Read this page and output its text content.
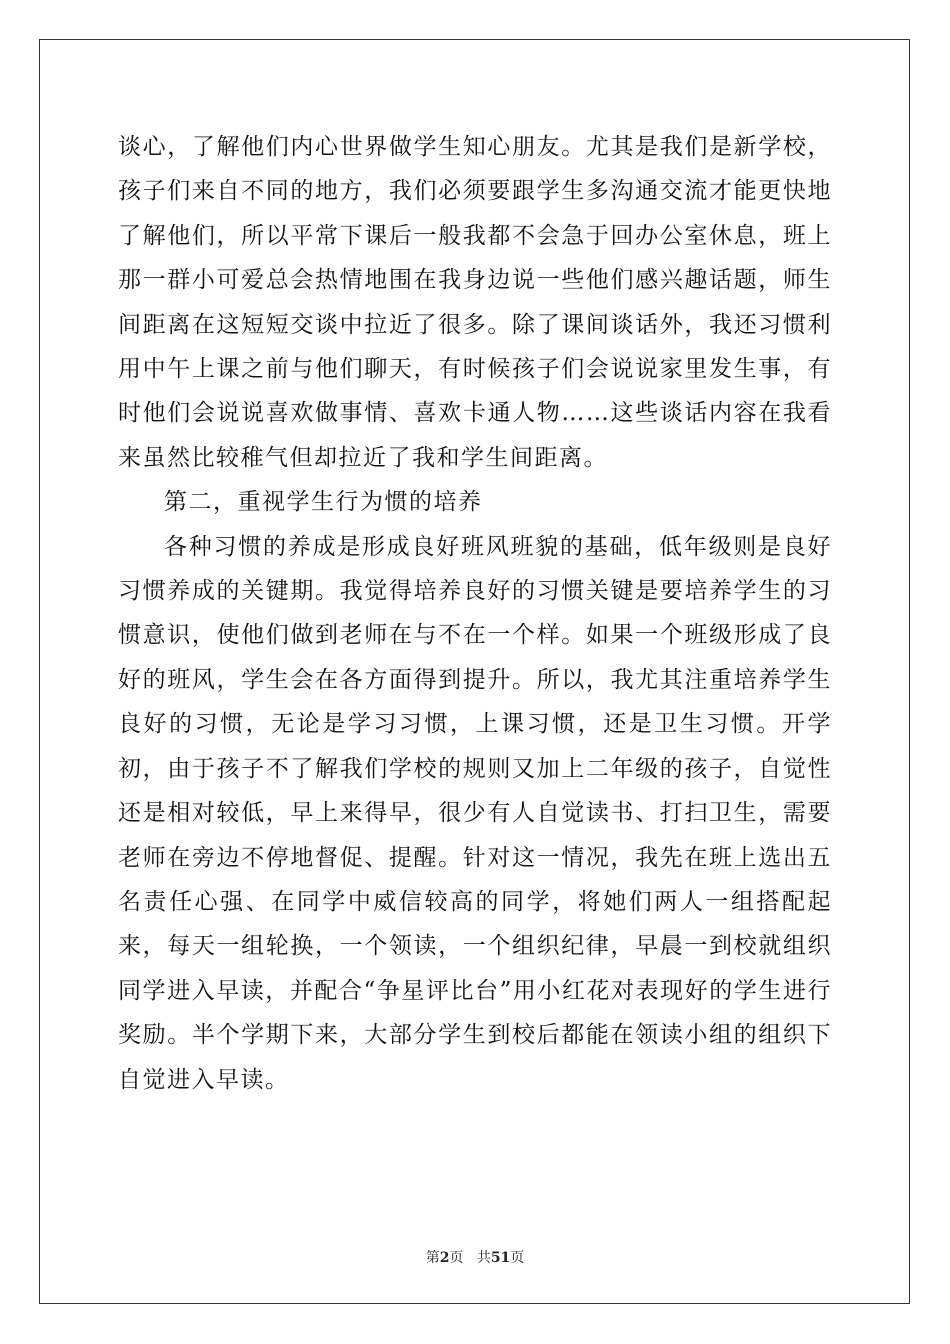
谈心，了解他们内心世界做学生知心朋友。尤其是我们是新学校，孩子们来自不同的地方，我们必须要跟学生多沟通交流才能更快地了解他们，所以平常下课后一般我都不会急于回办公室休息，班上那一群小可爱总会热情地围在我身边说一些他们感兴趣话题，师生间距离在这短短交谈中拉近了很多。除了课间谈话外，我还习惯利用中午上课之前与他们聊天，有时候孩子们会说说家里发生事，有时他们会说说喜欢做事情、喜欢卡通人物……这些谈话内容在我看来虽然比较稚气但却拉近了我和学生间距离。

第二，重视学生行为惯的培养

各种习惯的养成是形成良好班风班貌的基础，低年级则是良好习惯养成的关键期。我觉得培养良好的习惯关键是要培养学生的习惯意识，使他们做到老师在与不在一个样。如果一个班级形成了良好的班风，学生会在各方面得到提升。所以，我尤其注重培养学生良好的习惯，无论是学习习惯，上课习惯，还是卫生习惯。开学初，由于孩子不了解我们学校的规则又加上二年级的孩子，自觉性还是相对较低，早上来得早，很少有人自觉读书、打扫卫生，需要老师在旁边不停地督促、提醒。针对这一情况，我先在班上选出五名责任心强、在同学中威信较高的同学，将她们两人一组搭配起来，每天一组轮换，一个领读，一个组织纪律，早晨一到校就组织同学进入早读，并配合“争星评比台”用小红花对表现好的学生进行奖励。半个学期下来，大部分学生到校后都能在领读小组的组织下自觉进入早读。

第2页 共51页
